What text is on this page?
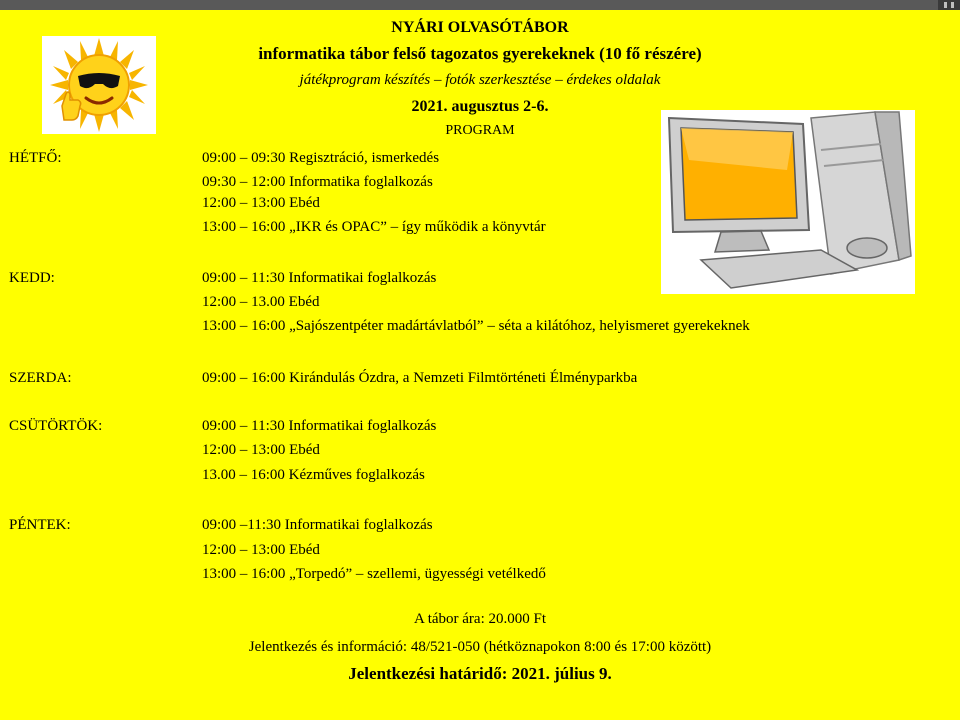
NYÁRI OLVASÓTÁBOR
informatika tábor felső tagozatos gyerekeknek (10 fő részére)
játékprogram készítés – fotók szerkesztése – érdekes oldalak
2021. augusztus 2-6.
PROGRAM
HÉTFŐ:	09:00 – 09:30 Regisztráció, ismerkedés
09:30 – 12:00 Informatika foglalkozás
12:00 – 13:00 Ebéd
13:00 – 16:00 „IKR és OPAC” – így működik a könyvtár
KEDD:	09:00 – 11:30 Informatikai foglalkozás
12:00 – 13.00 Ebéd
13:00 – 16:00 „Sajószentpéter madártávlatból” – séta a kilátóhoz, helyismeret gyerekeknek
SZERDA:	09:00 – 16:00 Kirándulás Ózdra, a Nemzeti Filmtörténeti Élményparkba
CSÜTÖRTÖK:	09:00 – 11:30 Informatikai foglalkozás
12:00 – 13:00 Ebéd
13.00 – 16:00 Kézműves foglalkozás
PÉNTEK:	09:00 –11:30 Informatikai foglalkozás
12:00 – 13:00 Ebéd
13:00 – 16:00 „Torpedó” – szellemi, ügyességi vetélkedő
A tábor ára: 20.000 Ft
Jelentkezés és információ: 48/521-050 (hétköznapokon 8:00 és 17:00 között)
Jelentkezési határidő: 2021. július 9.
